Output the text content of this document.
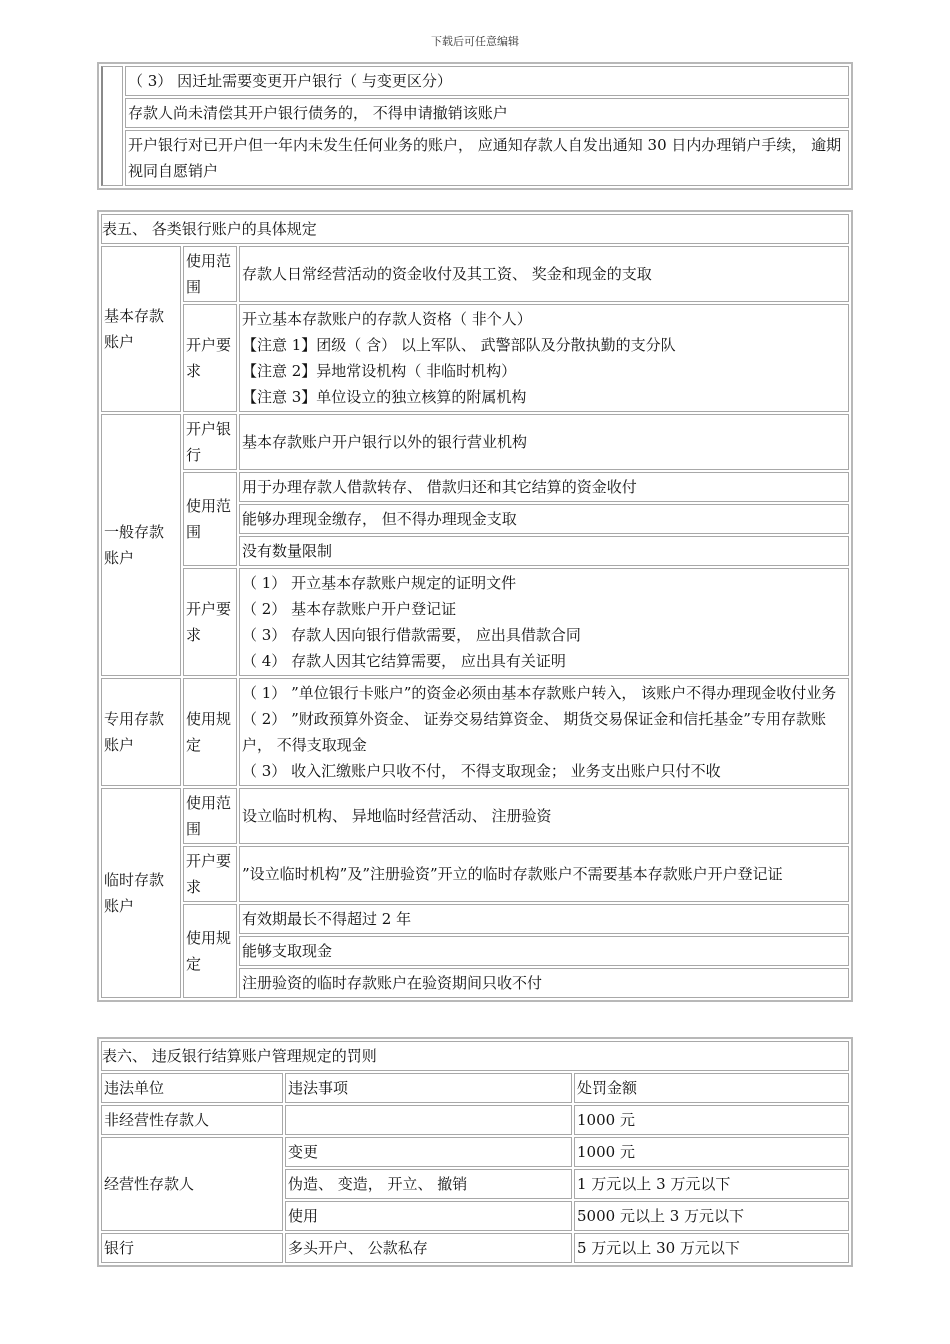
下载后可任意编辑
	（ 3） 因迁址需要变更开户银行（ 与变更区分）
存款人尚未清偿其开户银行债务的， 不得申请撤销该账户
开户银行对已开户但一年内未发生任何业务的账户， 应通知存款人自发出通知 30 日内办理销户手续， 逾期视同自愿销户
表五、 各类银行账户的具体规定		
基本存款账户	使用范围	存款人日常经营活动的资金收付及其工资、 奖金和现金的支取
	开户要求	开立基本存款账户的存款人资格（ 非个人）
【注意 1】团级（ 含） 以上军队、 武警部队及分散执勤的支分队
【注意 2】异地常设机构（ 非临时机构）
【注意 3】单位设立的独立核算的附属机构

一般存款账户	开户银行	基本存款账户开户银行以外的银行营业机构
	使用范围	用于办理存款人借款转存、 借款归还和其它结算的资金收付
		能够办理现金缴存， 但不得办理现金支取
		没有数量限制
	开户要求	（ 1） 开立基本存款账户规定的证明文件
（ 2） 基本存款账户开户登记证
（ 3） 存款人因向银行借款需要， 应出具借款合同
（ 4） 存款人因其它结算需要， 应出具有关证明

专用存款账户	使用规定	（ 1） ”单位银行卡账户”的资金必须由基本存款账户转入， 该账户不得办理现金收付业务
（ 2） ”财政预算外资金、 证券交易结算资金、 期货交易保证金和信托基金”专用存款账户， 不得支取现金
（ 3） 收入汇缴账户只收不付， 不得支取现金； 业务支出账户只付不收

临时存款账户	使用范围	设立临时机构、 异地临时经营活动、 注册验资
	开户要求	”设立临时机构”及”注册验资”开立的临时存款账户不需要基本存款账户开户登记证
	使用规定	有效期最长不得超过 2 年
		能够支取现金
		注册验资的临时存款账户在验资期间只收不付
表六、 违反银行结算账户管理规定的罚则		
违法单位	违法事项	处罚金额
非经营性存款人		1000 元
经营性存款人	变更	1000 元
	伪造、 变造， 开立、 撤销	1 万元以上 3 万元以下
	使用	5000 元以上 3 万元以下
银行	多头开户、 公款私存	5 万元以上 30 万元以下
